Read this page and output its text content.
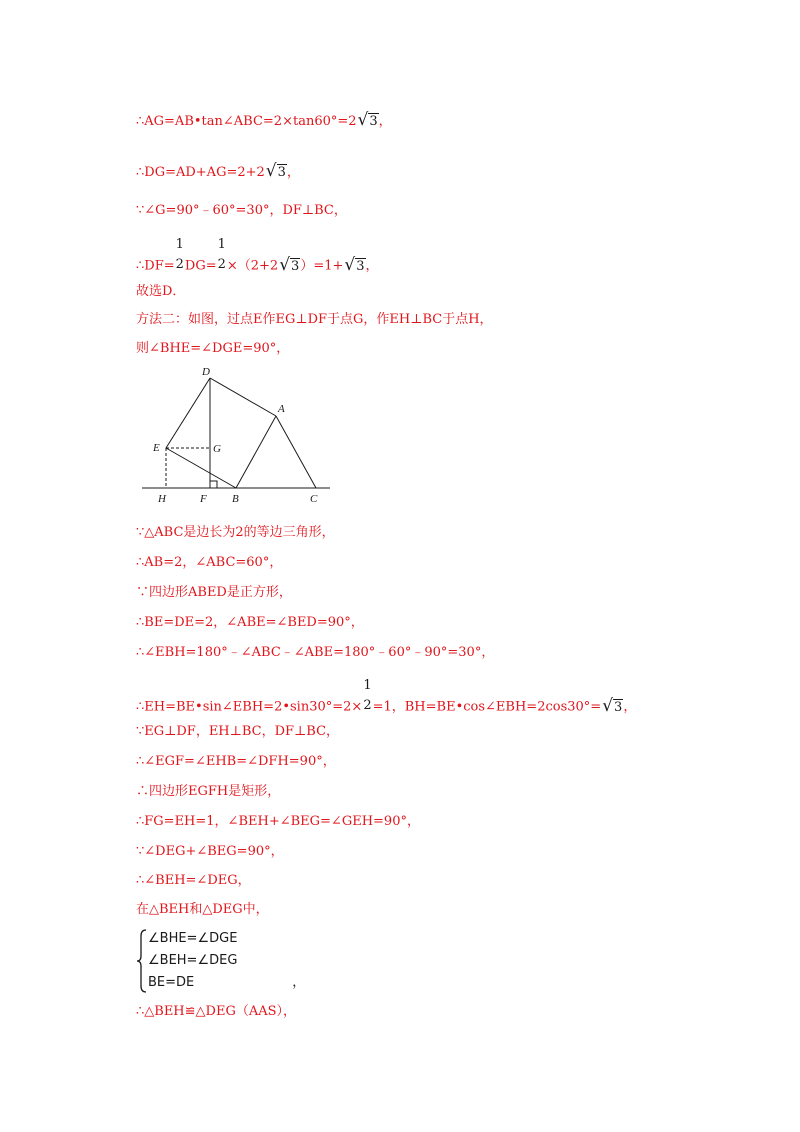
∴AG=AB•tan∠ABC=2×tan60°=2√3，
∴DG=AD+AG=2+2√3，
∵∠G=90°﹣60°=30°，DF⊥BC，
∴DF=
1
2 DG=
1
2 ×（2+2√3）=1+√3，
故选D．
方法二：如图，过点E作EG⊥DF于点G，作EH⊥BC于点H，
则∠BHE=∠DGE=90°，
D
A
E	G
H	F B	C
∵△ABC是边长为2的等边三角形，
∴AB=2，∠ABC=60°，
∵四边形ABED是正方形，
∴BE=DE=2，∠ABE=∠BED=90°，
∴∠EBH=180°﹣∠ABC﹣∠ABE=180°﹣60°﹣90°=30°，
∴EH=BE•sin∠EBH=2•sin30°=2×
1
2 =1，BH=BE•cos∠EBH=2cos30°=√3，
∵EG⊥DF，EH⊥BC，DF⊥BC，
∴∠EGF=∠EHB=∠DFH=90°，
∴四边形EGFH是矩形，
∴FG=EH=1，∠BEH+∠BEG=∠GEH=90°，
∵∠DEG+∠BEG=90°，
∴∠BEH=∠DEG，
在△BEH和△DEG中，
∠BHE=∠DGE
∠BEH=∠DEG
BE=DE	，
∴△BEH≌△DEG（AAS），
